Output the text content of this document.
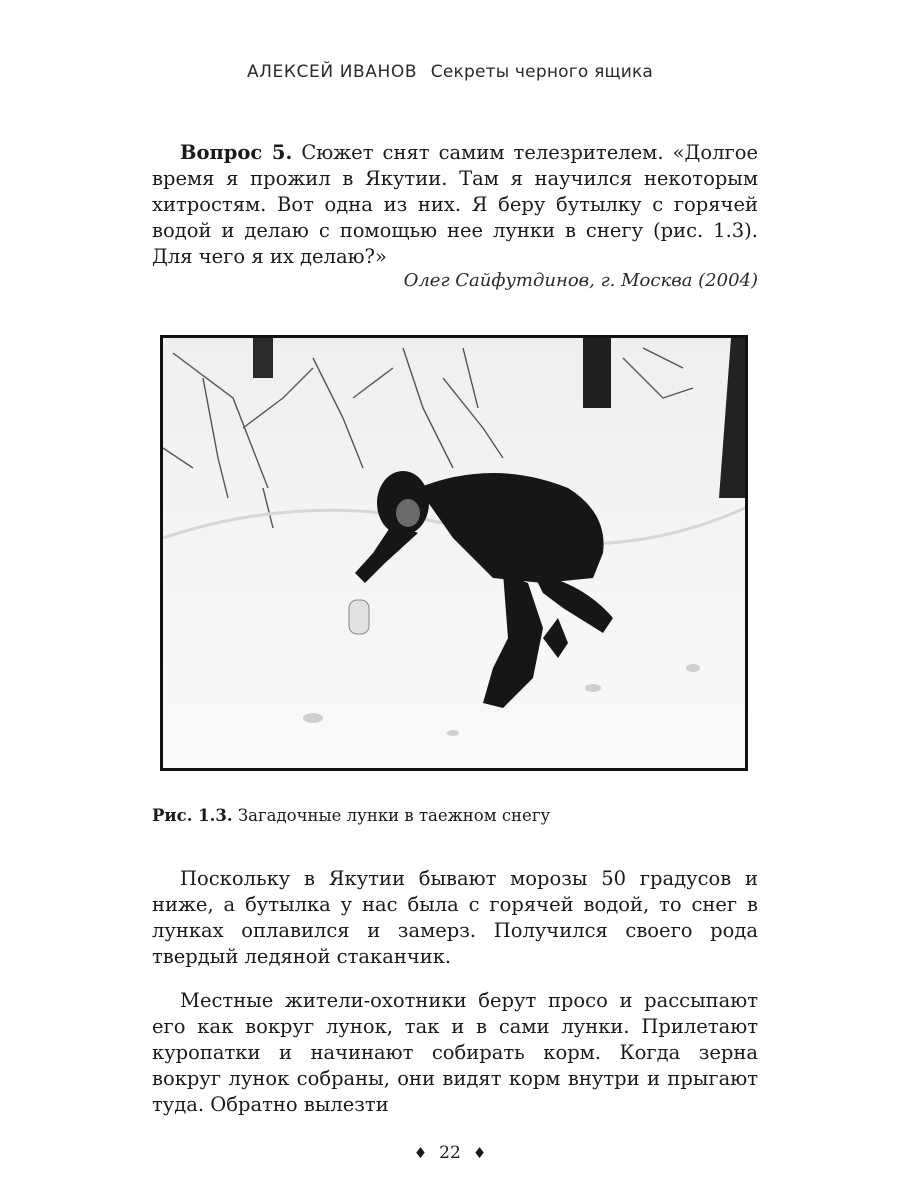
АЛЕКСЕЙ ИВАНОВ Секреты черного ящика

Вопрос 5. Сюжет снят самим телезрителем. «Долгое время я прожил в Якутии. Там я научился некоторым хитростям. Вот одна из них. Я беру бутылку с горячей водой и делаю с помощью нее лунки в снегу (рис. 1.3). Для чего я их делаю?»

Олег Сайфутдинов, г. Москва (2004)
Рис. 1.3. Загадочные лунки в таежном снегу

Поскольку в Якутии бывают морозы 50 градусов и ниже, а бутылка у нас была с горячей водой, то снег в лунках оплавился и замерз. Получился своего рода твердый ледяной стаканчик.

Местные жители-охотники берут просо и рассыпают его как вокруг лунок, так и в сами лунки. Прилетают куропатки и начинают собирать корм. Когда зерна вокруг лунок собраны, они видят корм внутри и прыгают туда. Обратно вылезти

♦ 22 ♦
